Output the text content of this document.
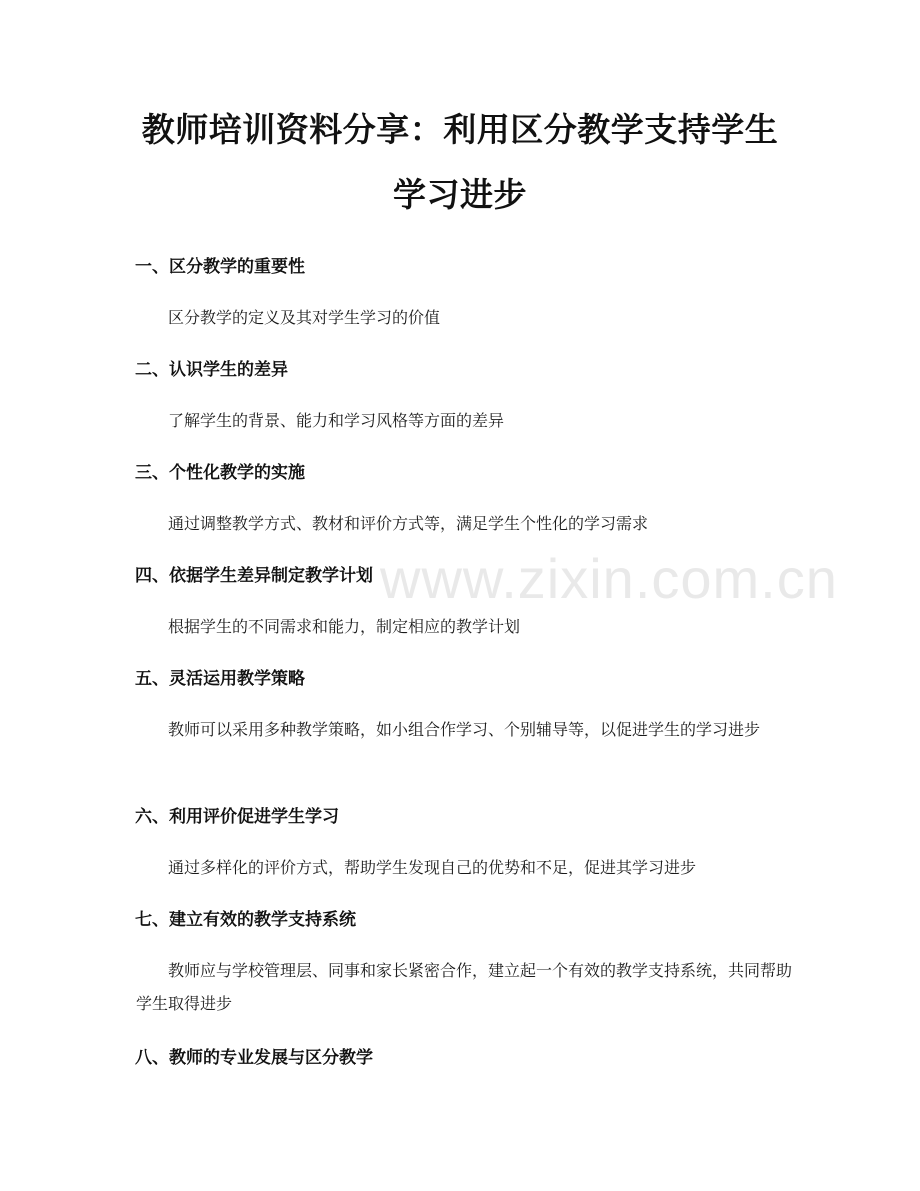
www.zixin.com.cn
教师培训资料分享：利用区分教学支持学生
学习进步
一、区分教学的重要性

区分教学的定义及其对学生学习的价值

二、认识学生的差异

了解学生的背景、能力和学习风格等方面的差异

三、个性化教学的实施

通过调整教学方式、教材和评价方式等，满足学生个性化的学习需求

四、依据学生差异制定教学计划

根据学生的不同需求和能力，制定相应的教学计划

五、灵活运用教学策略

教师可以采用多种教学策略，如小组合作学习、个别辅导等，以促进学生的学习进步

六、利用评价促进学生学习

通过多样化的评价方式，帮助学生发现自己的优势和不足，促进其学习进步

七、建立有效的教学支持系统

教师应与学校管理层、同事和家长紧密合作，建立起一个有效的教学支持系统，共同帮助学生取得进步

八、教师的专业发展与区分教学
